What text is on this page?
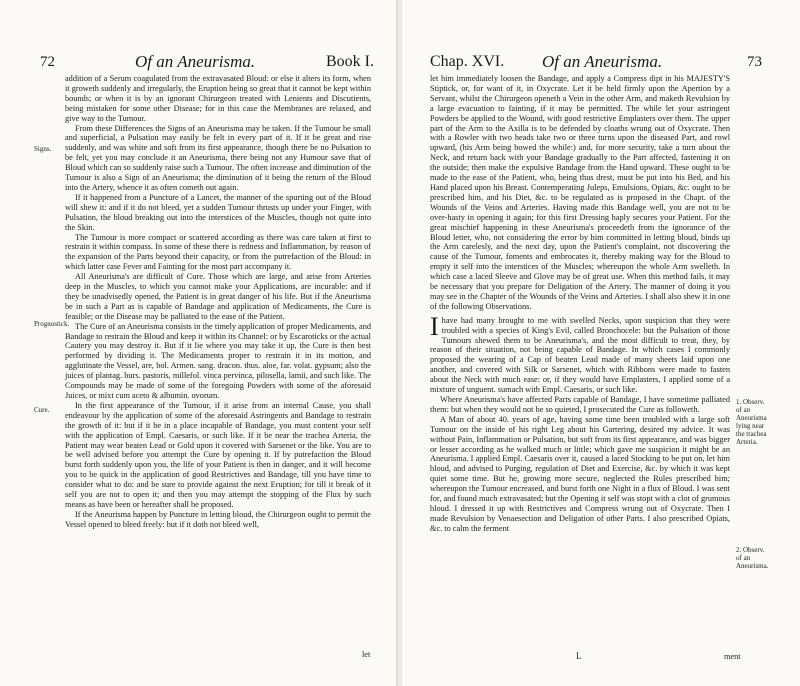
72	Of an Aneurisma.	Book I.

addition of a Serum coagulated from the extravasated Bloud: or else it alters its form, when it groweth suddenly and irregularly, the Eruption being so great that it cannot be kept within bounds; or when it is by an ignorant Chirurgeon treated with Lenients and Discutients, being mistaken for some other Disease; for in this case the Membranes are relaxed, and give way to the Tumour.

From these Differences the Signs of an Aneurisma may be taken. If the Tumour be small and superficial, a Pulsation may easily be felt in every part of it. If it be great and rise suddenly, and was white and soft from its first appearance, though there be no Pulsation to be felt, yet you may conclude it an Aneurisma, there being not any Humour save that of Bloud which can so suddenly raise such a Tumour. The often increase and diminution of the Tumour is also a Sign of an Aneurisma; the diminution of it being the return of the Bloud into the Artery, whence it as often cometh out again.

If it happened from a Puncture of a Lancet, the manner of the spurting out of the Bloud will shew it: and if it do not bleed, yet a sudden Tumour thrusts up under your Finger, with Pulsation, the bloud breaking out into the interstices of the Muscles, though not quite into the Skin.

The Tumour is more compact or scattered according as there was care taken at first to restrain it within compass. In some of these there is redness and Inflammation, by reason of the expansion of the Parts beyond their capacity, or from the putrefaction of the Bloud: in which latter case Fever and Fainting for the most part accompany it.

All Aneurisma's are difficult of Cure. Those which are large, and arise from Arteries deep in the Muscles, to which you cannot make your Applications, are incurable: and if they be unadvisedly opened, the Patient is in great danger of his life. But if the Aneurisma be in such a Part as is capable of Bandage and application of Medicaments, the Cure is feasible; or the Disease may be palliated to the ease of the Patient.

The Cure of an Aneurisma consists in the timely application of proper Medicaments, and Bandage to restrain the Bloud and keep it within its Channel: or by Escaroticks or the actual Cautery you may destroy it. But if it lie where you may take it up, the Cure is then best performed by dividing it. The Medicaments proper to restrain it in its motion, and agglutinate the Vessel, are, bol. Armen. sang. dracon. thus. aloe, far. volat. gypsum; also the juices of plantag. burs. pastoris, millefol. vinca pervinca, pilosella, lamii, and such like. The Compounds may be made of some of the foregoing Powders with some of the aforesaid Juices, or mixt cum aceto & albumin. ovorum.

In the first appearance of the Tumour, if it arise from an internal Cause, you shall endeavour by the application of some of the aforesaid Astringents and Bandage to restrain the growth of it: but if it be in a place incapable of Bandage, you must content your self with the application of Empl. Caesaris, or such like. If it be near the trachea Arteria, the Patient may wear beaten Lead or Gold upon it covered with Sarsenet or the like. You are to be well advised before you attempt the Cure by opening it. If by putrefaction the Bloud burst forth suddenly upon you, the life of your Patient is then in danger, and it will become you to be quick in the application of good Restrictives and Bandage, till you have time to consider what to do: and be sure to provide against the next Eruption; for till it break of it self you are not to open it; and then you may attempt the stopping of the Flux by such means as have been or hereafter shall be proposed.

If the Aneurisma happen by Puncture in letting bloud, the Chirurgeon ought to permit the Vessel opened to bleed freely: but if it doth not bleed well,

Signs.
Prognostick.
Cure.
let
Chap. XVI. Of an Aneurisma.	73

let him immediately loosen the Bandage, and apply a Compress dipt in his MAJESTY'S Stiptick, or, for want of it, in Oxycrate. Let it be held firmly upon the Apertion by a Servant, whilst the Chirurgeon openeth a Vein in the other Arm, and maketh Revulsion by a large evacuation to fainting, if it may be permitted. The while let your astringent Powders be applied to the Wound, with good restrictive Emplasters over them. The upper part of the Arm to the Axilla is to be defended by cloaths wrung out of Oxycrate. Then with a Rowler with two heads take two or three turns upon the diseased Part, and rowl upward, (his Arm being bowed the while:) and, for more security, take a turn about the Neck, and return back with your Bandage gradually to the Part affected, fastening it on the outside; then make the expulsive Bandage from the Hand upward. These ought to be made to the ease of the Patient, who, being thus drest, must be put into his Bed, and his Hand placed upon his Breast. Contemperating Juleps, Emulsions, Opiats, &c. ought to be prescribed him, and his Diet, &c. to be regulated as is proposed in the Chapt. of the Wounds of the Veins and Arteries. Having made this Bandage well, you are not to be over-hasty in opening it again; for this first Dressing haply secures your Patient. For the great mischief happening in these Aneurisma's proceedeth from the ignorance of the Bloud letter, who, not considering the error by him committed in letting bloud, binds up the Arm carelesly, and the next day, upon the Patient's complaint, not discovering the cause of the Tumour, foments and embrocates it, thereby making way for the Bloud to empty it self into the interstices of the Muscles; whereupon the whole Arm swelleth. In which case a laced Sleeve and Glove may be of great use. When this method fails, it may be necessary that you prepare for Deligation of the Artery. The manner of doing it you may see in the Chapter of the Wounds of the Veins and Arteries. I shall also shew it in one of the following Observations.

I have had many brought to me with swelled Necks, upon suspicion that they were troubled with a species of King's Evil, called Bronchocele: but the Pulsation of those Tumours shewed them to be Aneurisma's, and the most difficult to treat, they, by reason of their situation, not being capable of Bandage. In which cases I commonly proposed the wearing of a Cap of beaten Lead made of many sheets laid upon one another, and covered with Silk or Sarsenet, which with Ribbons were made to fasten about the Neck with much ease: or, if they would have Emplasters, I applied some of a mixture of unguent. sumach with Empl. Caesaris, or such like.

Where Aneurisma's have affected Parts capable of Bandage, I have sometime palliated them: but when they would not be so quieted, I prosecuted the Cure as followeth.

A Man of about 40. years of age, having some time been troubled with a large soft Tumour on the inside of his right Leg about his Gartering, desired my advice. It was without Pain, Inflammation or Pulsation, but soft from its first appearance, and was bigger or lesser according as he walked much or little; which gave me suspicion it might be an Aneurisma. I applied Empl. Caesaris over it, caused a laced Stocking to be put on, let him bloud, and advised to Purging, regulation of Diet and Exercise, &c. by which it was kept quiet some time. But he, growing more secure, neglected the Rules prescribed him; whereupon the Tumour encreased, and burst forth one Night in a flux of Bloud. I was sent for, and found much extravasated; but the Opening it self was stopt with a clot of grumous bloud. I dressed it up with Restrictives and Compress wrung out of Oxycrate. Then I made Revulsion by Venaesection and Deligation of other Parts. I also prescribed Opiats, &c. to calm the ferment

1. Observ. of an Aneurisma lying near the trachea Arteria.
2. Observ. of an Aneurisma.
L	ment
